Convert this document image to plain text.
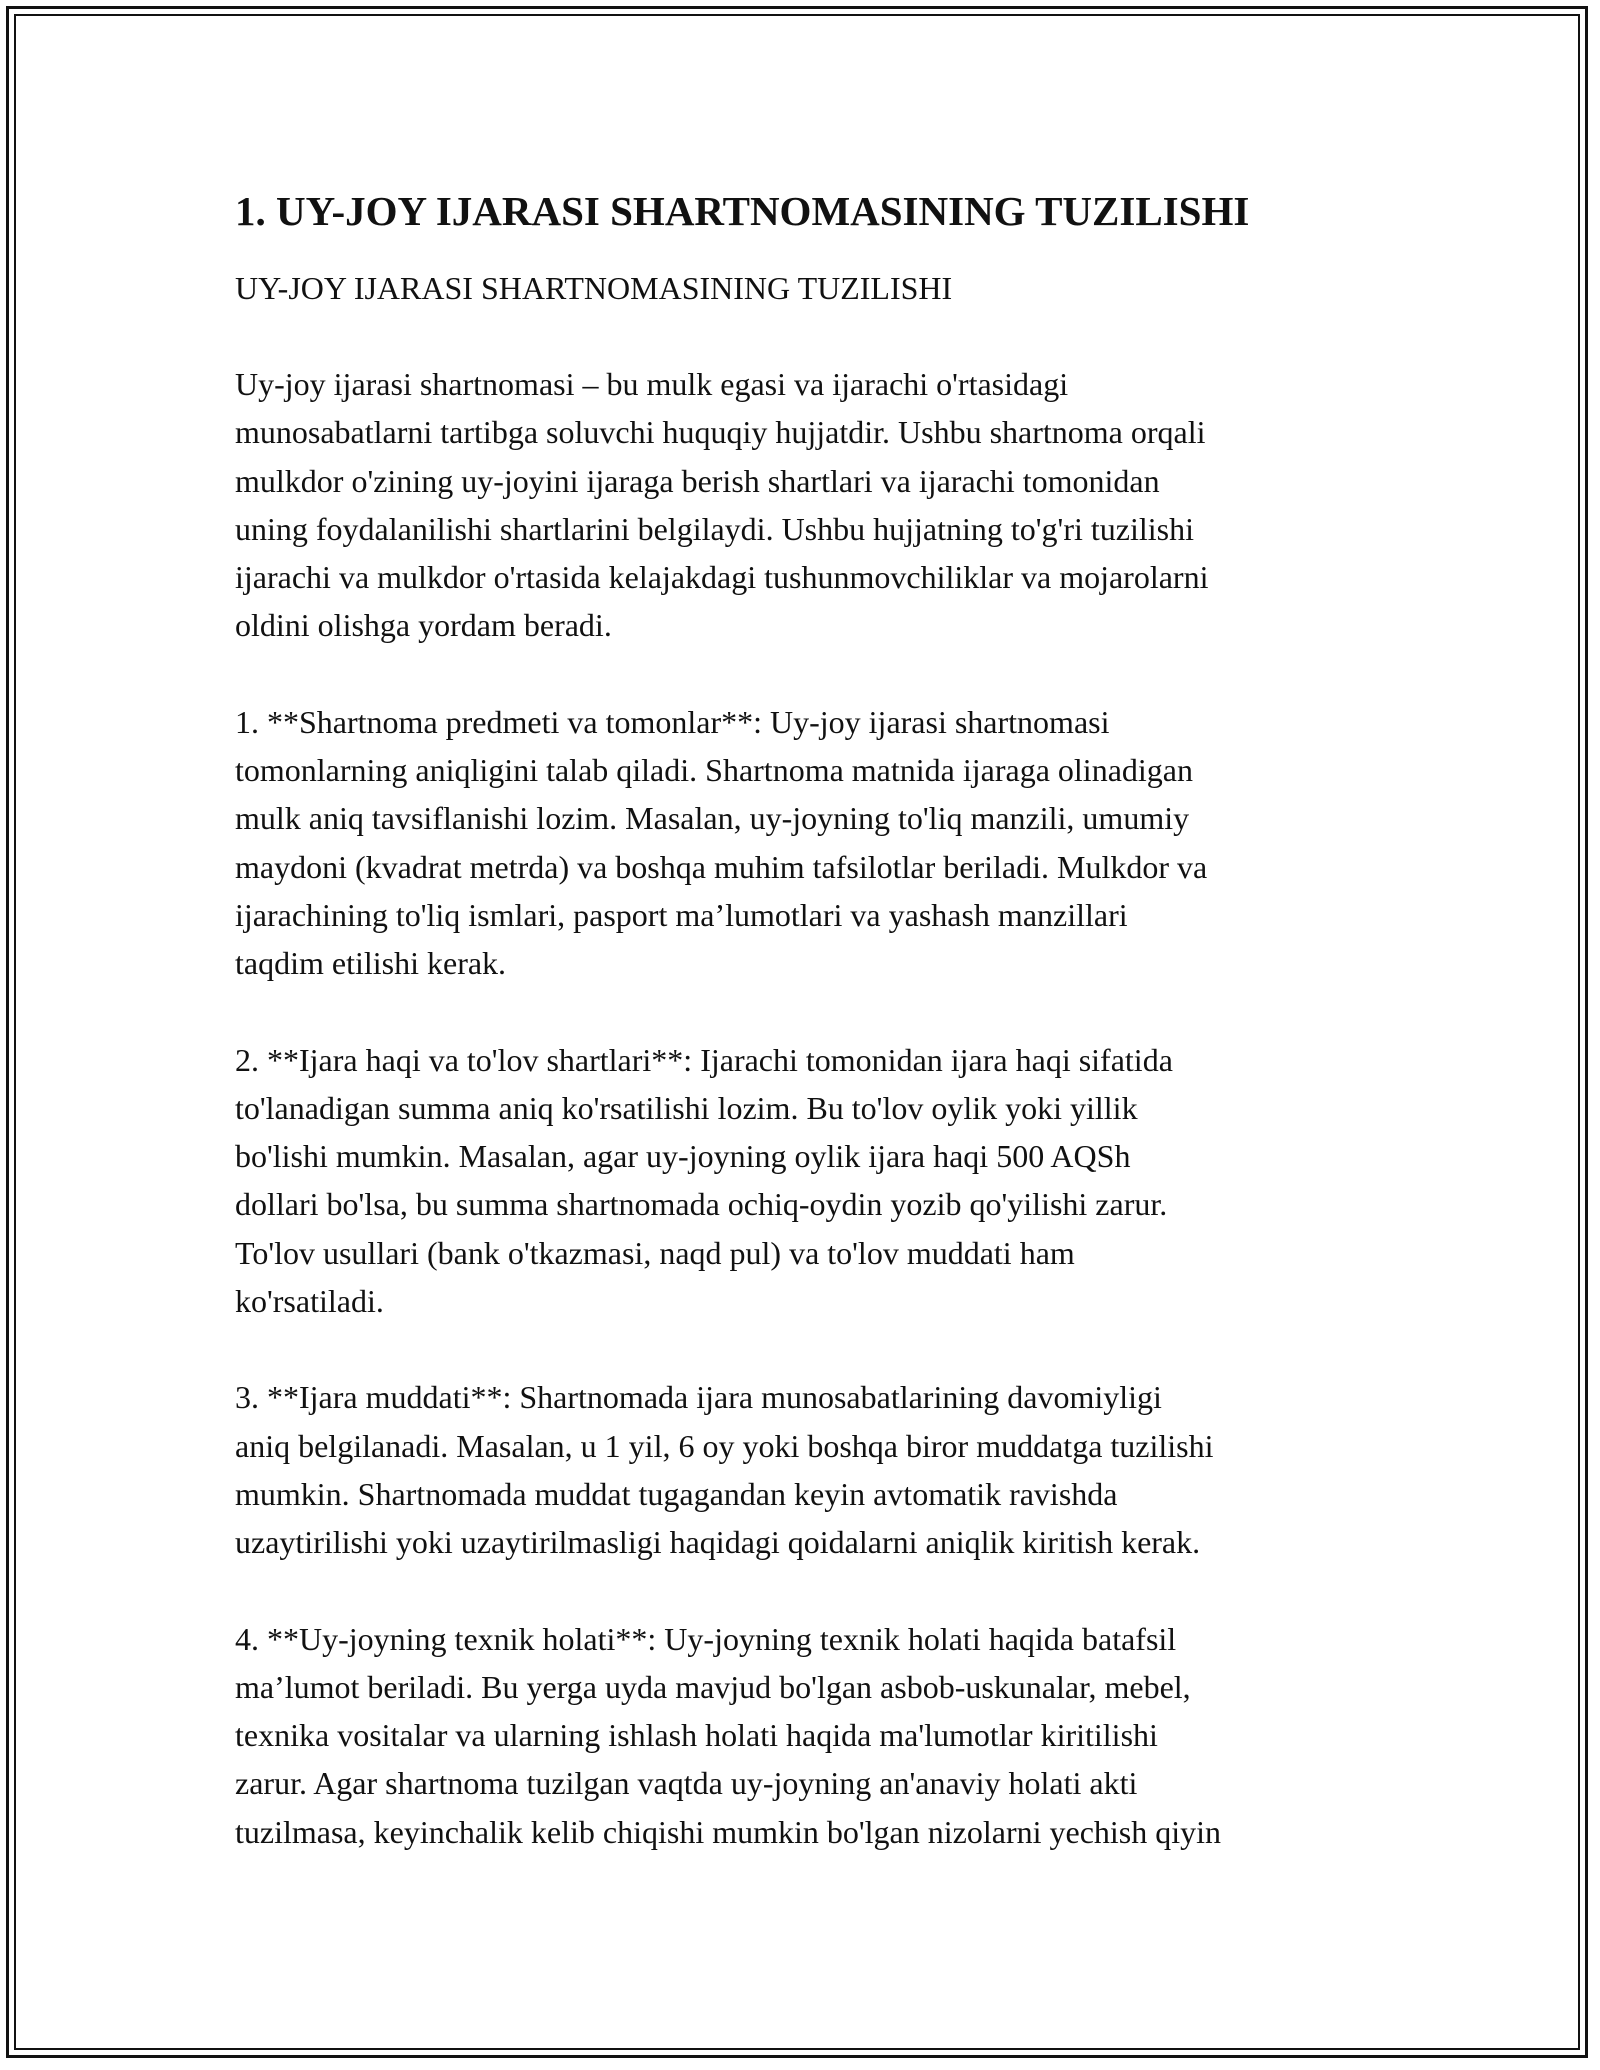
1. UY-JOY IJARASI SHARTNOMASINING TUZILISHI
UY-JOY IJARASI SHARTNOMASINING TUZILISHI
Uy-joy ijarasi shartnomasi – bu mulk egasi va ijarachi o'rtasidagi
munosabatlarni tartibga soluvchi huquqiy hujjatdir. Ushbu shartnoma orqali
mulkdor o'zining uy-joyini ijaraga berish shartlari va ijarachi tomonidan
uning foydalanilishi shartlarini belgilaydi. Ushbu hujjatning to'g'ri tuzilishi
ijarachi va mulkdor o'rtasida kelajakdagi tushunmovchiliklar va mojarolarni
oldini olishga yordam beradi.
1. **Shartnoma predmeti va tomonlar**: Uy-joy ijarasi shartnomasi
tomonlarning aniqligini talab qiladi. Shartnoma matnida ijaraga olinadigan
mulk aniq tavsiflanishi lozim. Masalan, uy-joyning to'liq manzili, umumiy
maydoni (kvadrat metrda) va boshqa muhim tafsilotlar beriladi. Mulkdor va
ijarachining to'liq ismlari, pasport ma’lumotlari va yashash manzillari
taqdim etilishi kerak.
2. **Ijara haqi va to'lov shartlari**: Ijarachi tomonidan ijara haqi sifatida
to'lanadigan summa aniq ko'rsatilishi lozim. Bu to'lov oylik yoki yillik
bo'lishi mumkin. Masalan, agar uy-joyning oylik ijara haqi 500 AQSh
dollari bo'lsa, bu summa shartnomada ochiq-oydin yozib qo'yilishi zarur.
To'lov usullari (bank o'tkazmasi, naqd pul) va to'lov muddati ham
ko'rsatiladi.
3. **Ijara muddati**: Shartnomada ijara munosabatlarining davomiyligi
aniq belgilanadi. Masalan, u 1 yil, 6 oy yoki boshqa biror muddatga tuzilishi
mumkin. Shartnomada muddat tugagandan keyin avtomatik ravishda
uzaytirilishi yoki uzaytirilmasligi haqidagi qoidalarni aniqlik kiritish kerak.
4. **Uy-joyning texnik holati**: Uy-joyning texnik holati haqida batafsil
ma’lumot beriladi. Bu yerga uyda mavjud bo'lgan asbob-uskunalar, mebel,
texnika vositalar va ularning ishlash holati haqida ma'lumotlar kiritilishi
zarur. Agar shartnoma tuzilgan vaqtda uy-joyning an'anaviy holati akti
tuzilmasa, keyinchalik kelib chiqishi mumkin bo'lgan nizolarni yechish qiyin
